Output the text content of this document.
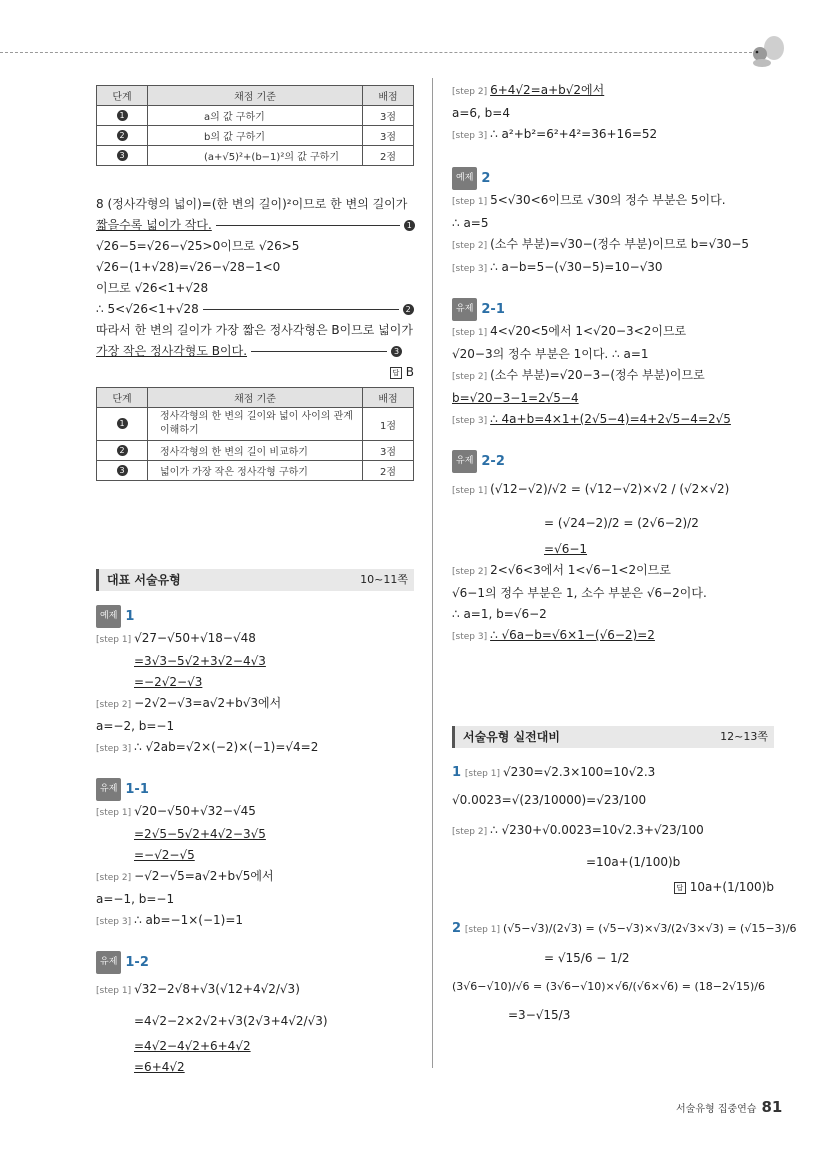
단계	채점 기준	배점
1	a의 값 구하기	3점
2	b의 값 구하기	3점
3	(a+√5)²+(b−1)²의 값 구하기	2점
8 (정사각형의 넓이)=(한 변의 길이)²이므로 한 변의 길이가
짧을수록 넓이가 작다.	1
√26−5=√26−√25>0이므로 √26>5
√26−(1+√28)=√26−√28−1<0
이므로 √26<1+√28
∴ 5<√26<1+√28	2
따라서 한 변의 길이가 가장 짧은 정사각형은 B이므로 넓이가
가장 작은 정사각형도 B이다.	3
답 B
단계	채점 기준	배점
1	정사각형의 한 변의 길이와 넓이 사이의 관계 이해하기	1점
2	정사각형의 한 변의 길이 비교하기	3점
3	넓이가 가장 작은 정사각형 구하기	2점
대표 서술유형	10~11쪽
예제 1
[step 1] √27−√50+√18−√48
=3√3−5√2+3√2−4√3
=−2√2−√3
[step 2] −2√2−√3=a√2+b√3에서
a=−2, b=−1
[step 3] ∴ √2ab=√2×(−2)×(−1)=√4=2
유제 1-1
[step 1] √20−√50+√32−√45
=2√5−5√2+4√2−3√5
=−√2−√5
[step 2] −√2−√5=a√2+b√5에서
a=−1, b=−1
[step 3] ∴ ab=−1×(−1)=1
유제 1-2
[step 1] √32−2√8+√3(√12+4√2/√3)
=4√2−2×2√2+√3(2√3+4√2/√3)
=4√2−4√2+6+4√2
=6+4√2
[step 2] 6+4√2=a+b√2에서
a=6, b=4
[step 3] ∴ a²+b²=6²+4²=36+16=52
예제 2
[step 1] 5<√30<6이므로 √30의 정수 부분은 5이다.
∴ a=5
[step 2] (소수 부분)=√30−(정수 부분)이므로 b=√30−5
[step 3] ∴ a−b=5−(√30−5)=10−√30
유제 2-1
[step 1] 4<√20<5에서 1<√20−3<2이므로
√20−3의 정수 부분은 1이다. ∴ a=1
[step 2] (소수 부분)=√20−3−(정수 부분)이므로
b=√20−3−1=2√5−4
[step 3] ∴ 4a+b=4×1+(2√5−4)=4+2√5−4=2√5
유제 2-2
[step 1] (√12−√2)/√2 = (√12−√2)×√2 / (√2×√2)
= (√24−2)/2 = (2√6−2)/2
=√6−1
[step 2] 2<√6<3에서 1<√6−1<2이므로
√6−1의 정수 부분은 1, 소수 부분은 √6−2이다.
∴ a=1, b=√6−2
[step 3] ∴ √6a−b=√6×1−(√6−2)=2
서술유형 실전대비	12~13쪽
1 [step 1] √230=√2.3×100=10√2.3
√0.0023=√(23/10000)=√23/100
[step 2] ∴ √230+√0.0023=10√2.3+√23/100
=10a+(1/100)b
답 10a+(1/100)b
2 [step 1] (√5−√3)/(2√3) = (√5−√3)×√3/(2√3×√3) = (√15−3)/6
= √15/6 − 1/2
(3√6−√10)/√6 = (3√6−√10)×√6/(√6×√6) = (18−2√15)/6
=3−√15/3
서술유형 집중연습 81
